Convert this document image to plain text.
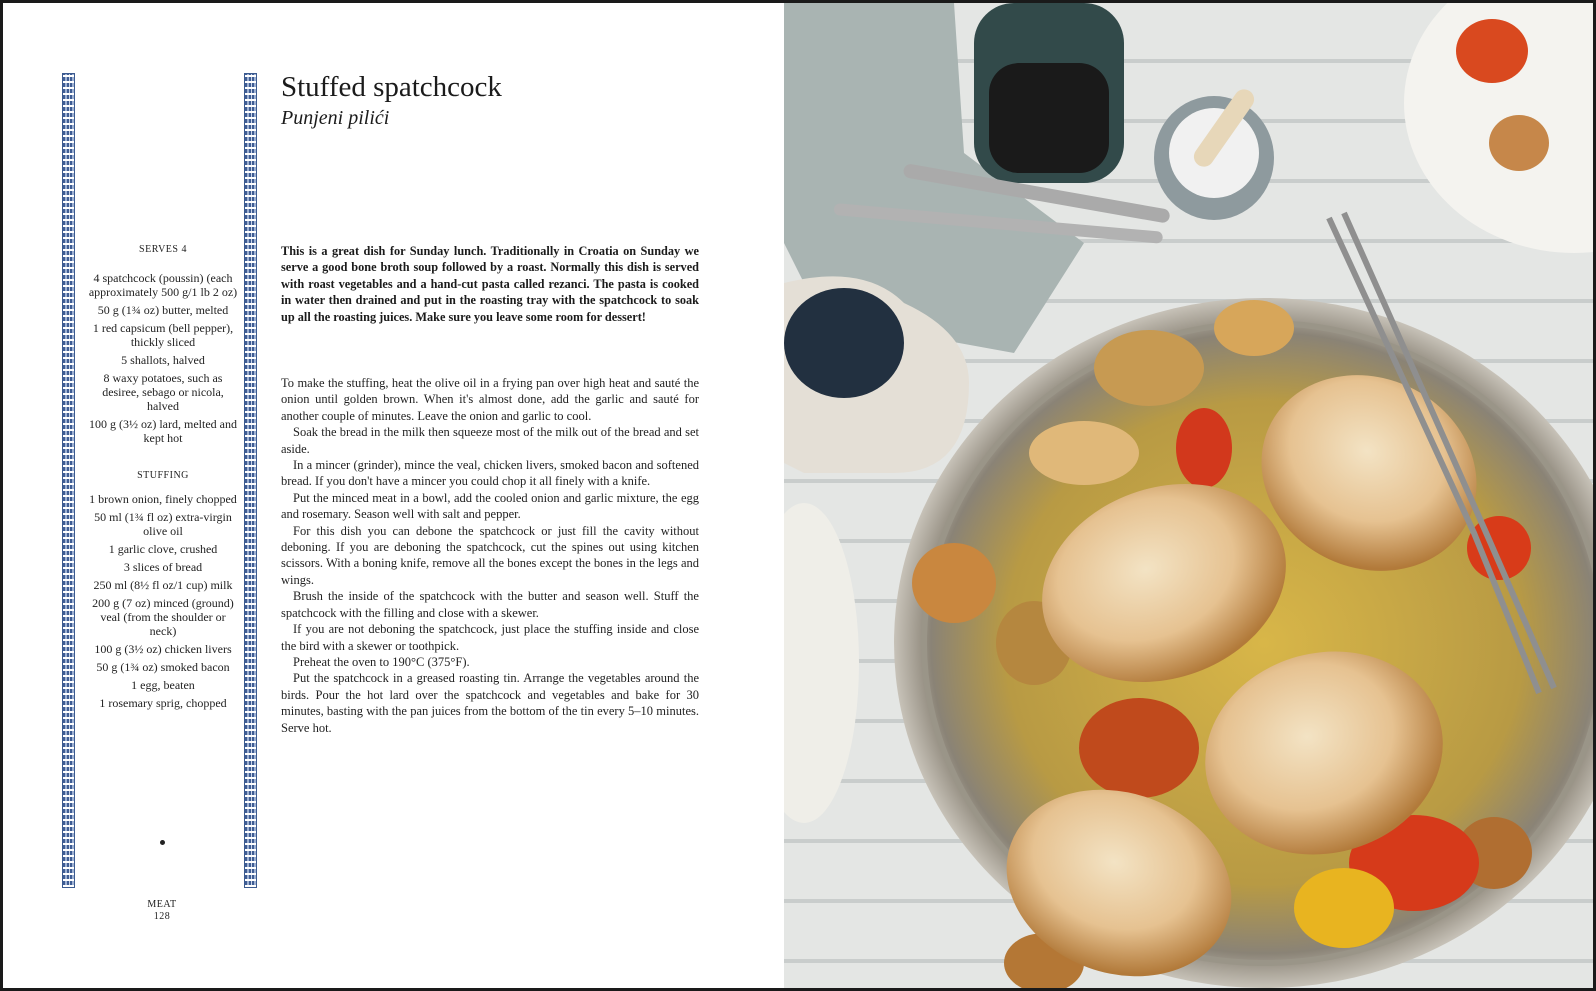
Stuffed spatchcock
Punjeni pilići
SERVES 4
4 spatchcock (poussin) (each approximately 500 g/1 lb 2 oz)
50 g (1¾ oz) butter, melted
1 red capsicum (bell pepper), thickly sliced
5 shallots, halved
8 waxy potatoes, such as desiree, sebago or nicola, halved
100 g (3½ oz) lard, melted and kept hot
STUFFING
1 brown onion, finely chopped
50 ml (1¾ fl oz) extra-virgin olive oil
1 garlic clove, crushed
3 slices of bread
250 ml (8½ fl oz/1 cup) milk
200 g (7 oz) minced (ground) veal (from the shoulder or neck)
100 g (3½ oz) chicken livers
50 g (1¾ oz) smoked bacon
1 egg, beaten
1 rosemary sprig, chopped
This is a great dish for Sunday lunch. Traditionally in Croatia on Sunday we serve a good bone broth soup followed by a roast. Normally this dish is served with roast vegetables and a hand-cut pasta called rezanci. The pasta is cooked in water then drained and put in the roasting tray with the spatchcock to soak up all the roasting juices. Make sure you leave some room for dessert!

To make the stuffing, heat the olive oil in a frying pan over high heat and sauté the onion until golden brown. When it's almost done, add the garlic and sauté for another couple of minutes. Leave the onion and garlic to cool.

Soak the bread in the milk then squeeze most of the milk out of the bread and set aside.

In a mincer (grinder), mince the veal, chicken livers, smoked bacon and softened bread. If you don't have a mincer you could chop it all finely with a knife.

Put the minced meat in a bowl, add the cooled onion and garlic mixture, the egg and rosemary. Season well with salt and pepper.

For this dish you can debone the spatchcock or just fill the cavity without deboning. If you are deboning the spatchcock, cut the spines out using kitchen scissors. With a boning knife, remove all the bones except the bones in the legs and wings.

Brush the inside of the spatchcock with the butter and season well. Stuff the spatchcock with the filling and close with a skewer.

If you are not deboning the spatchcock, just place the stuffing inside and close the bird with a skewer or toothpick.

Preheat the oven to 190°C (375°F).

Put the spatchcock in a greased roasting tin. Arrange the vegetables around the birds. Pour the hot lard over the spatchcock and vegetables and bake for 30 minutes, basting with the pan juices from the bottom of the tin every 5–10 minutes. Serve hot.

MEAT
128
